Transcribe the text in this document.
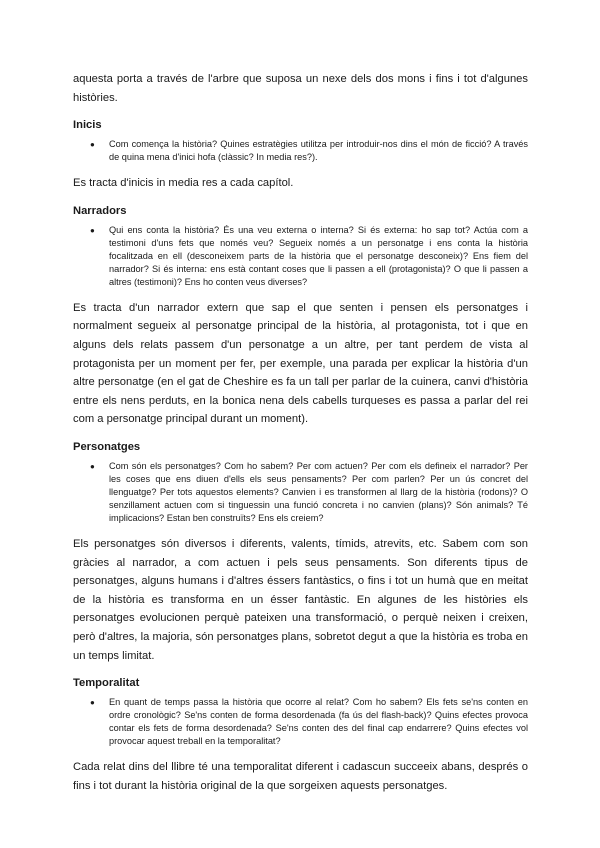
aquesta porta a través de l'arbre que suposa un nexe dels dos mons i fins i tot d'algunes històries.

Inicis
● Com comença la història? Quines estratègies utilitza per introduir-nos dins el món de ficció? A través de quina mena d'inici hofa (clàssic? In media res?).

Es tracta d'inicis in media res a cada capítol.

Narradors
● Qui ens conta la història? És una veu externa o interna? Si és externa: ho sap tot? Actúa com a testimoni d'uns fets que només veu? Segueix només a un personatge i ens conta la història focalitzada en ell (desconeixem parts de la història que el personatge desconeix)? Ens fiem del narrador? Si és interna: ens està contant coses que li passen a ell (protagonista)? O que li passen a altres (testimoni)? Ens ho conten veus diverses?

Es tracta d'un narrador extern que sap el que senten i pensen els personatges i normalment segueix al personatge principal de la història, al protagonista, tot i que en alguns dels relats passem d'un personatge a un altre, per tant perdem de vista al protagonista per un moment per fer, per exemple, una parada per explicar la història d'un altre personatge (en el gat de Cheshire es fa un tall per parlar de la cuinera, canvi d'història entre els nens perduts, en la bonica nena dels cabells turqueses es passa a parlar del rei com a personatge principal durant un moment).

Personatges
● Com són els personatges? Com ho sabem? Per com actuen? Per com els defineix el narrador? Per les coses que ens diuen d'ells els seus pensaments? Per com parlen? Per un ús concret del llenguatge? Per tots aquestos elements? Canvien i es transformen al llarg de la història (rodons)? O senzillament actuen com si tinguessin una funció concreta i no canvien (plans)? Són animals? Té implicacions? Estan ben construïts? Ens els creiem?

Els personatges són diversos i diferents, valents, tímids, atrevits, etc. Sabem com son gràcies al narrador, a com actuen i pels seus pensaments. Son diferents tipus de personatges, alguns humans i d'altres éssers fantàstics, o fins i tot un humà que en meitat de la història es transforma en un ésser fantàstic. En algunes de les històries els personatges evolucionen perquè pateixen una transformació, o perquè neixen i creixen, però d'altres, la majoria, són personatges plans, sobretot degut a que la història es troba en un temps limitat.

Temporalitat
● En quant de temps passa la història que ocorre al relat? Com ho sabem? Els fets se'ns conten en ordre cronològic? Se'ns conten de forma desordenada (fa ús del flash-back)? Quins efectes provoca contar els fets de forma desordenada? Se'ns conten des del final cap endarrere? Quins efectes vol provocar aquest treball en la temporalitat?

Cada relat dins del llibre té una temporalitat diferent i cadascun succeeix abans, després o fins i tot durant la història original de la que sorgeixen aquests personatges.
